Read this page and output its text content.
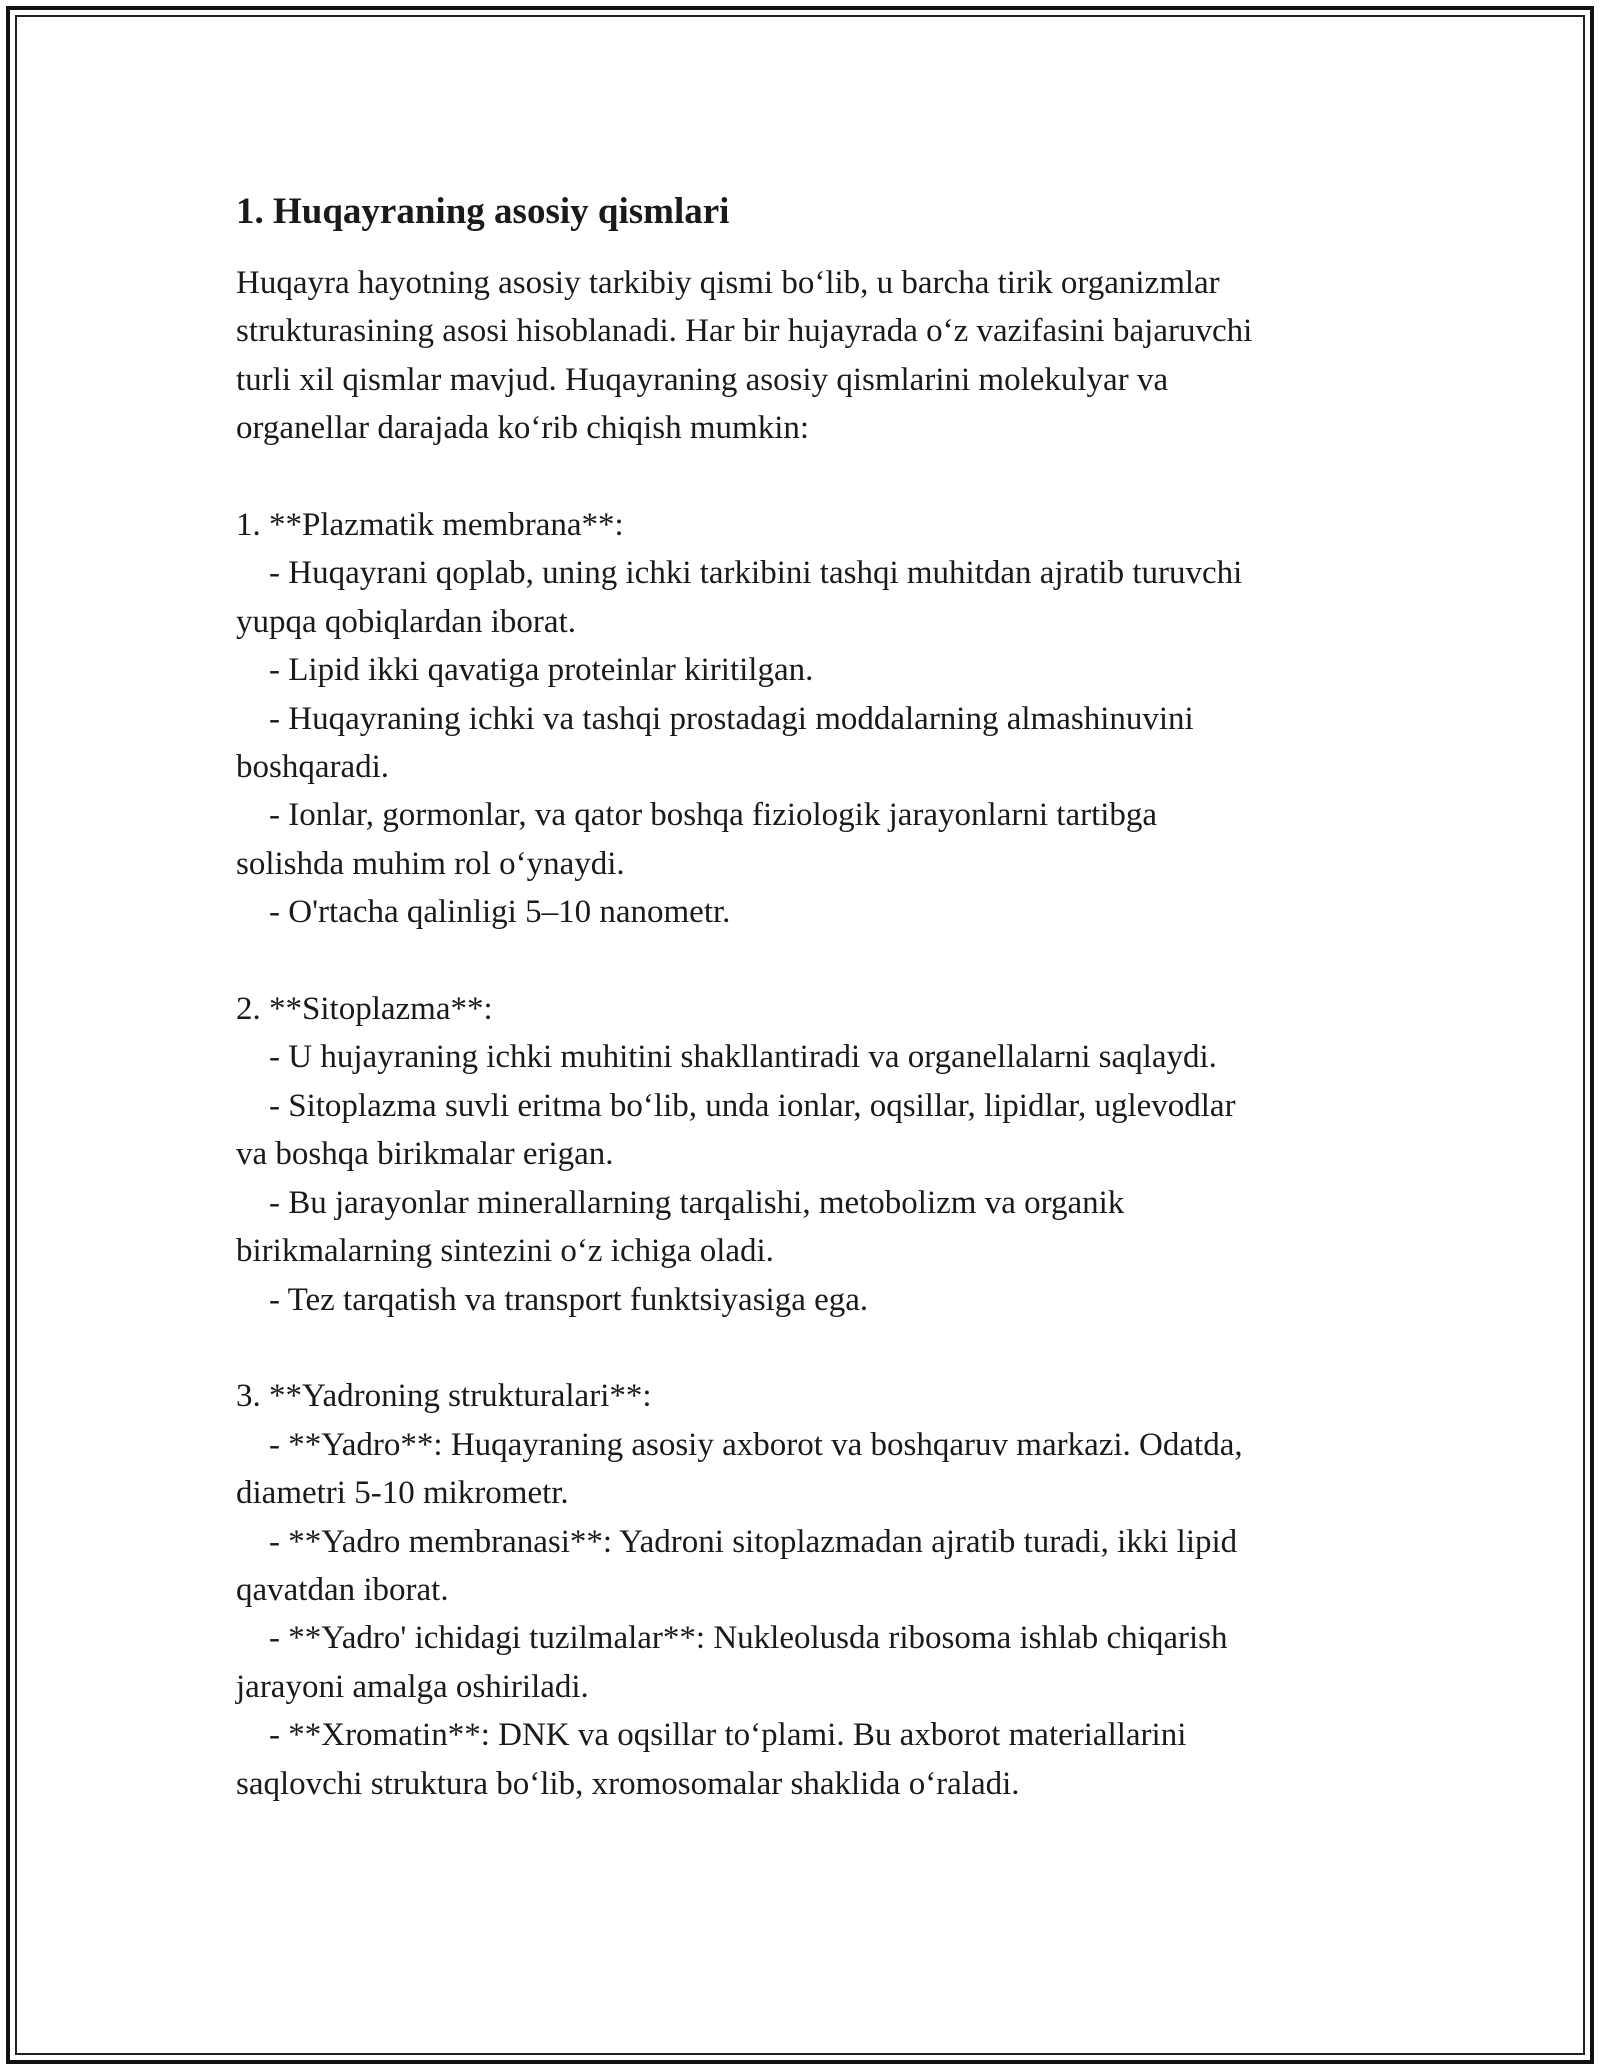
1. Huqayraning asosiy qismlari

Huqayra hayotning asosiy tarkibiy qismi bo‘lib, u barcha tirik organizmlar
strukturasining asosi hisoblanadi. Har bir hujayrada o‘z vazifasini bajaruvchi
turli xil qismlar mavjud. Huqayraning asosiy qismlarini molekulyar va
organellar darajada ko‘rib chiqish mumkin:

1. **Plazmatik membrana**:
- Huqayrani qoplab, uning ichki tarkibini tashqi muhitdan ajratib turuvchi
yupqa qobiqlardan iborat.
- Lipid ikki qavatiga proteinlar kiritilgan.
- Huqayraning ichki va tashqi prostadagi moddalarning almashinuvini
boshqaradi.
- Ionlar, gormonlar, va qator boshqa fiziologik jarayonlarni tartibga
solishda muhim rol o‘ynaydi.
- O'rtacha qalinligi 5–10 nanometr.
2. **Sitoplazma**:
- U hujayraning ichki muhitini shakllantiradi va organellalarni saqlaydi.
- Sitoplazma suvli eritma bo‘lib, unda ionlar, oqsillar, lipidlar, uglevodlar
va boshqa birikmalar erigan.
- Bu jarayonlar minerallarning tarqalishi, metobolizm va organik
birikmalarning sintezini o‘z ichiga oladi.
- Tez tarqatish va transport funktsiyasiga ega.
3. **Yadroning strukturalari**:
- **Yadro**: Huqayraning asosiy axborot va boshqaruv markazi. Odatda,
diametri 5-10 mikrometr.
- **Yadro membranasi**: Yadroni sitoplazmadan ajratib turadi, ikki lipid
qavatdan iborat.
- **Yadro' ichidagi tuzilmalar**: Nukleolusda ribosoma ishlab chiqarish
jarayoni amalga oshiriladi.
- **Xromatin**: DNK va oqsillar to‘plami. Bu axborot materiallarini
saqlovchi struktura bo‘lib, xromosomalar shaklida o‘raladi.
